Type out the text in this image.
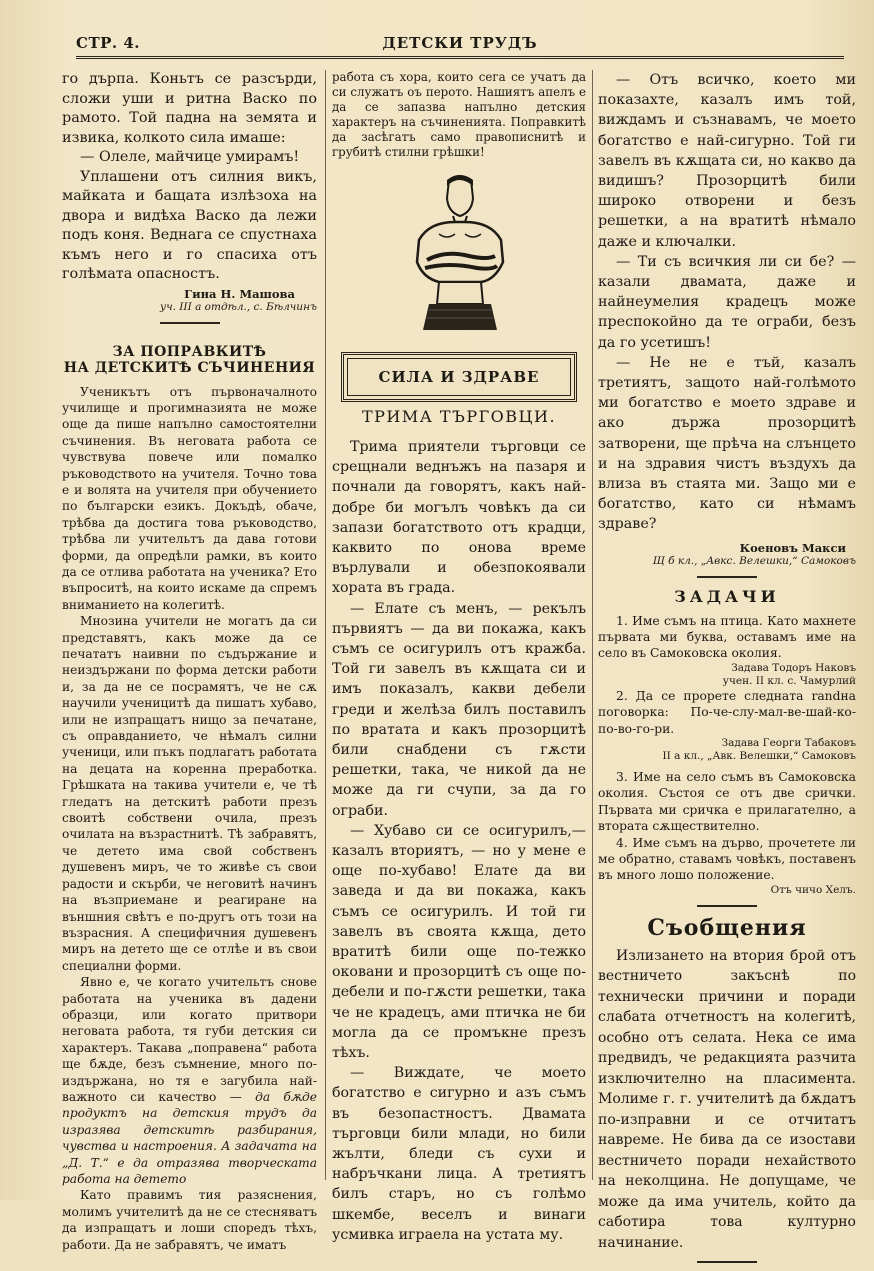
СТР. 4.	ДЕТСКИ ТРУДЪ

го дърпа. Коньтъ се разсърди, сложи уши и ритна Васко по рамото. Той падна на земята и извика, колкото сила имаше:

— Олеле, майчице умирамъ!

Уплашени отъ силния викъ, майката и бащата излѣзоха на двора и видѣха Васко да лежи подъ коня. Веднага се спустнаха къмъ него и го спасиха отъ голѣмата опасностъ.

Гина Н. Машова
уч. III а отдѣл., с. Бѣлчинъ
ЗА ПОПРАВКИТѢ
НА ДЕТСКИТѢ СЪЧИНЕНИЯ

Ученикътъ отъ първоначалното училище и прогимназията не може още да пише напълно самостоятелни съчинения. Въ неговата работа се чувствува повече или помалко ръководството на учителя. Точно това е и волята на учителя при обучението по български езикъ. Докъдѣ, обаче, трѣбва да достига това ръководство, трѣбва ли учительтъ да дава готови форми, да опредѣли рамки, въ които да се отлива работата на ученика? Ето въпроситѣ, на които искаме да спремъ вниманието на колегитѣ.

Мнозина учители не могатъ да си представятъ, какъ може да се печататъ наивни по съдържание и неиздържани по форма детски работи и, за да не се посрамятъ, че не сѫ научили ученицитѣ да пишатъ хубаво, или не изпращатъ нищо за печатане, съ оправданието, че нѣмалъ силни ученици, или пъкъ подлагатъ работата на децата на коренна преработка. Грѣшката на такива учители е, че тѣ гледатъ на детскитѣ работи презъ своитѣ собствени очила, презъ очилата на възрастнитѣ. Тѣ забравятъ, че детето има свой собственъ душевенъ миръ, че то живѣе съ свои радости и скърби, че неговитѣ начинъ на възприемане и реагиране на външния свѣтъ е по-другъ отъ този на възрасния. А специфичния душевенъ миръ на детето ще се отлѣе и въ свои специални форми.

Явно е, че когато учительтъ снове работата на ученика въ дадени образци, или когато притвори неговата работа, тя губи детския си характеръ. Такава „поправена“ работа ще бѫде, безъ съмнение, много по-издържана, но тя е загубила най-важното си качество — да бѫде продуктъ на детския трудъ да изразява детскитѣ разбирания, чувства и настроения. А задачата на „Д. Т.“ е да отразява творческата работа на детето

Като правимъ тия разяснения, молимъ учителитѣ да не се стесняватъ да изпращатъ и лоши споредъ тѣхъ, работи. Да не забравятъ, че иматъ

работа съ хора, които сега се учатъ да си служатъ оъ перото. Нашиятъ апелъ е да се запазва напълно детския характеръ на съчиненията. Поправкитѣ да засѣгатъ само правописнитѣ и грубитѣ стилни грѣшки!

СИЛА И ЗДРАВЕ
ТРИМА ТЪРГОВЦИ.

Трима приятели търговци се срещнали веднъжъ на пазаря и почнали да говорятъ, какъ най-добре би могълъ човѣкъ да си запази богатството отъ крадци, каквито по онова време върлували и обезпокоявали хората въ града.

— Елате съ менъ, — рекълъ първиятъ — да ви покажа, какъ съмъ се осигурилъ отъ кражба. Той ги завелъ въ кѫщата си и имъ показалъ, какви дебели греди и желѣза билъ поставилъ по вратата и какъ прозорцитѣ били снабдени съ гѫсти решетки, така, че никой да не може да ги счупи, за да го ограби.

— Хубаво си се осигурилъ,— казалъ вториятъ, — но у мене е още по-хубаво! Елате да ви заведа и да ви покажа, какъ съмъ се осигурилъ. И той ги завелъ въ своята кѫща, дето вратитѣ били още по-тежко оковани и прозорцитѣ съ още по-дебели и по-гѫсти решетки, така че не крадецъ, ами птичка не би могла да се промъкне презъ тѣхъ.

— Виждате, че моето богатство е сигурно и азъ съмъ въ безопастностъ. Двамата търговци били млади, но били жълти, бледи съ сухи и набръчкани лица. А третиятъ билъ старъ, но съ голѣмо шкембе, веселъ и винаги усмивка играела на устата му.

— Отъ всичко, което ми показахте, казалъ имъ той, виждамъ и съзнавамъ, че моето богатство е най-сигурно. Той ги завелъ въ кѫщата си, но какво да видишъ? Прозорцитѣ били широко отворени и безъ решетки, а на вратитѣ нѣмало даже и ключалки.

— Ти съ всичкия ли си бе? — казали двамата, даже и найнеумелия крадецъ може преспокойно да те ограби, безъ да го усетишъ!

— Не не е тъй, казалъ третиятъ, защото най-голѣмото ми богатство е моето здраве и ако държа прозорцитѣ затворени, ще прѣча на слънцето и на здравия чистъ въздухъ да влиза въ стаята ми. Защо ми е богатство, като си нѣмамъ здраве?

Коеновъ Макси
Щ б кл., „Авкс. Велешки,“ Самоковъ
ЗАДАЧИ

1. Име съмъ на птица. Като махнете първата ми буква, оставамъ име на село въ Самоковска околия.

Задава Тодоръ Наковъ
учен. II кл. с. Чамурлий

2. Да се прорете следната randна поговорка: По-че-слу-мал-ве-шай-ко-по-во-го-ри.

Задава Георги Табаковъ
II а кл., „Авк. Велешки,“ Самоковъ

3. Име на село съмъ въ Самоковска околия. Състоя се отъ две срички. Първата ми сричка е прилагателно, а втората сѫществително.

4. Име съмъ на дърво, прочетете ли ме обратно, ставамъ човѣкъ, поставенъ въ много лошо положение.

Отъ чичо Хелъ.
Съобщения

Излизането на втория брой отъ вестничето закъснѣ по технически причини и поради слабата отчетностъ на колегитѣ, особно отъ селата. Нека се има предвидъ, че редакцията разчита изключително на пласиментa. Молиме г. г. учителитѣ да бѫдатъ по-изправни и се отчитатъ навреме. Не бива да се изостави вестничето поради нехайството на неколцина. Не допущаме, че може да има учитель, който да саботира това културно начинание.
